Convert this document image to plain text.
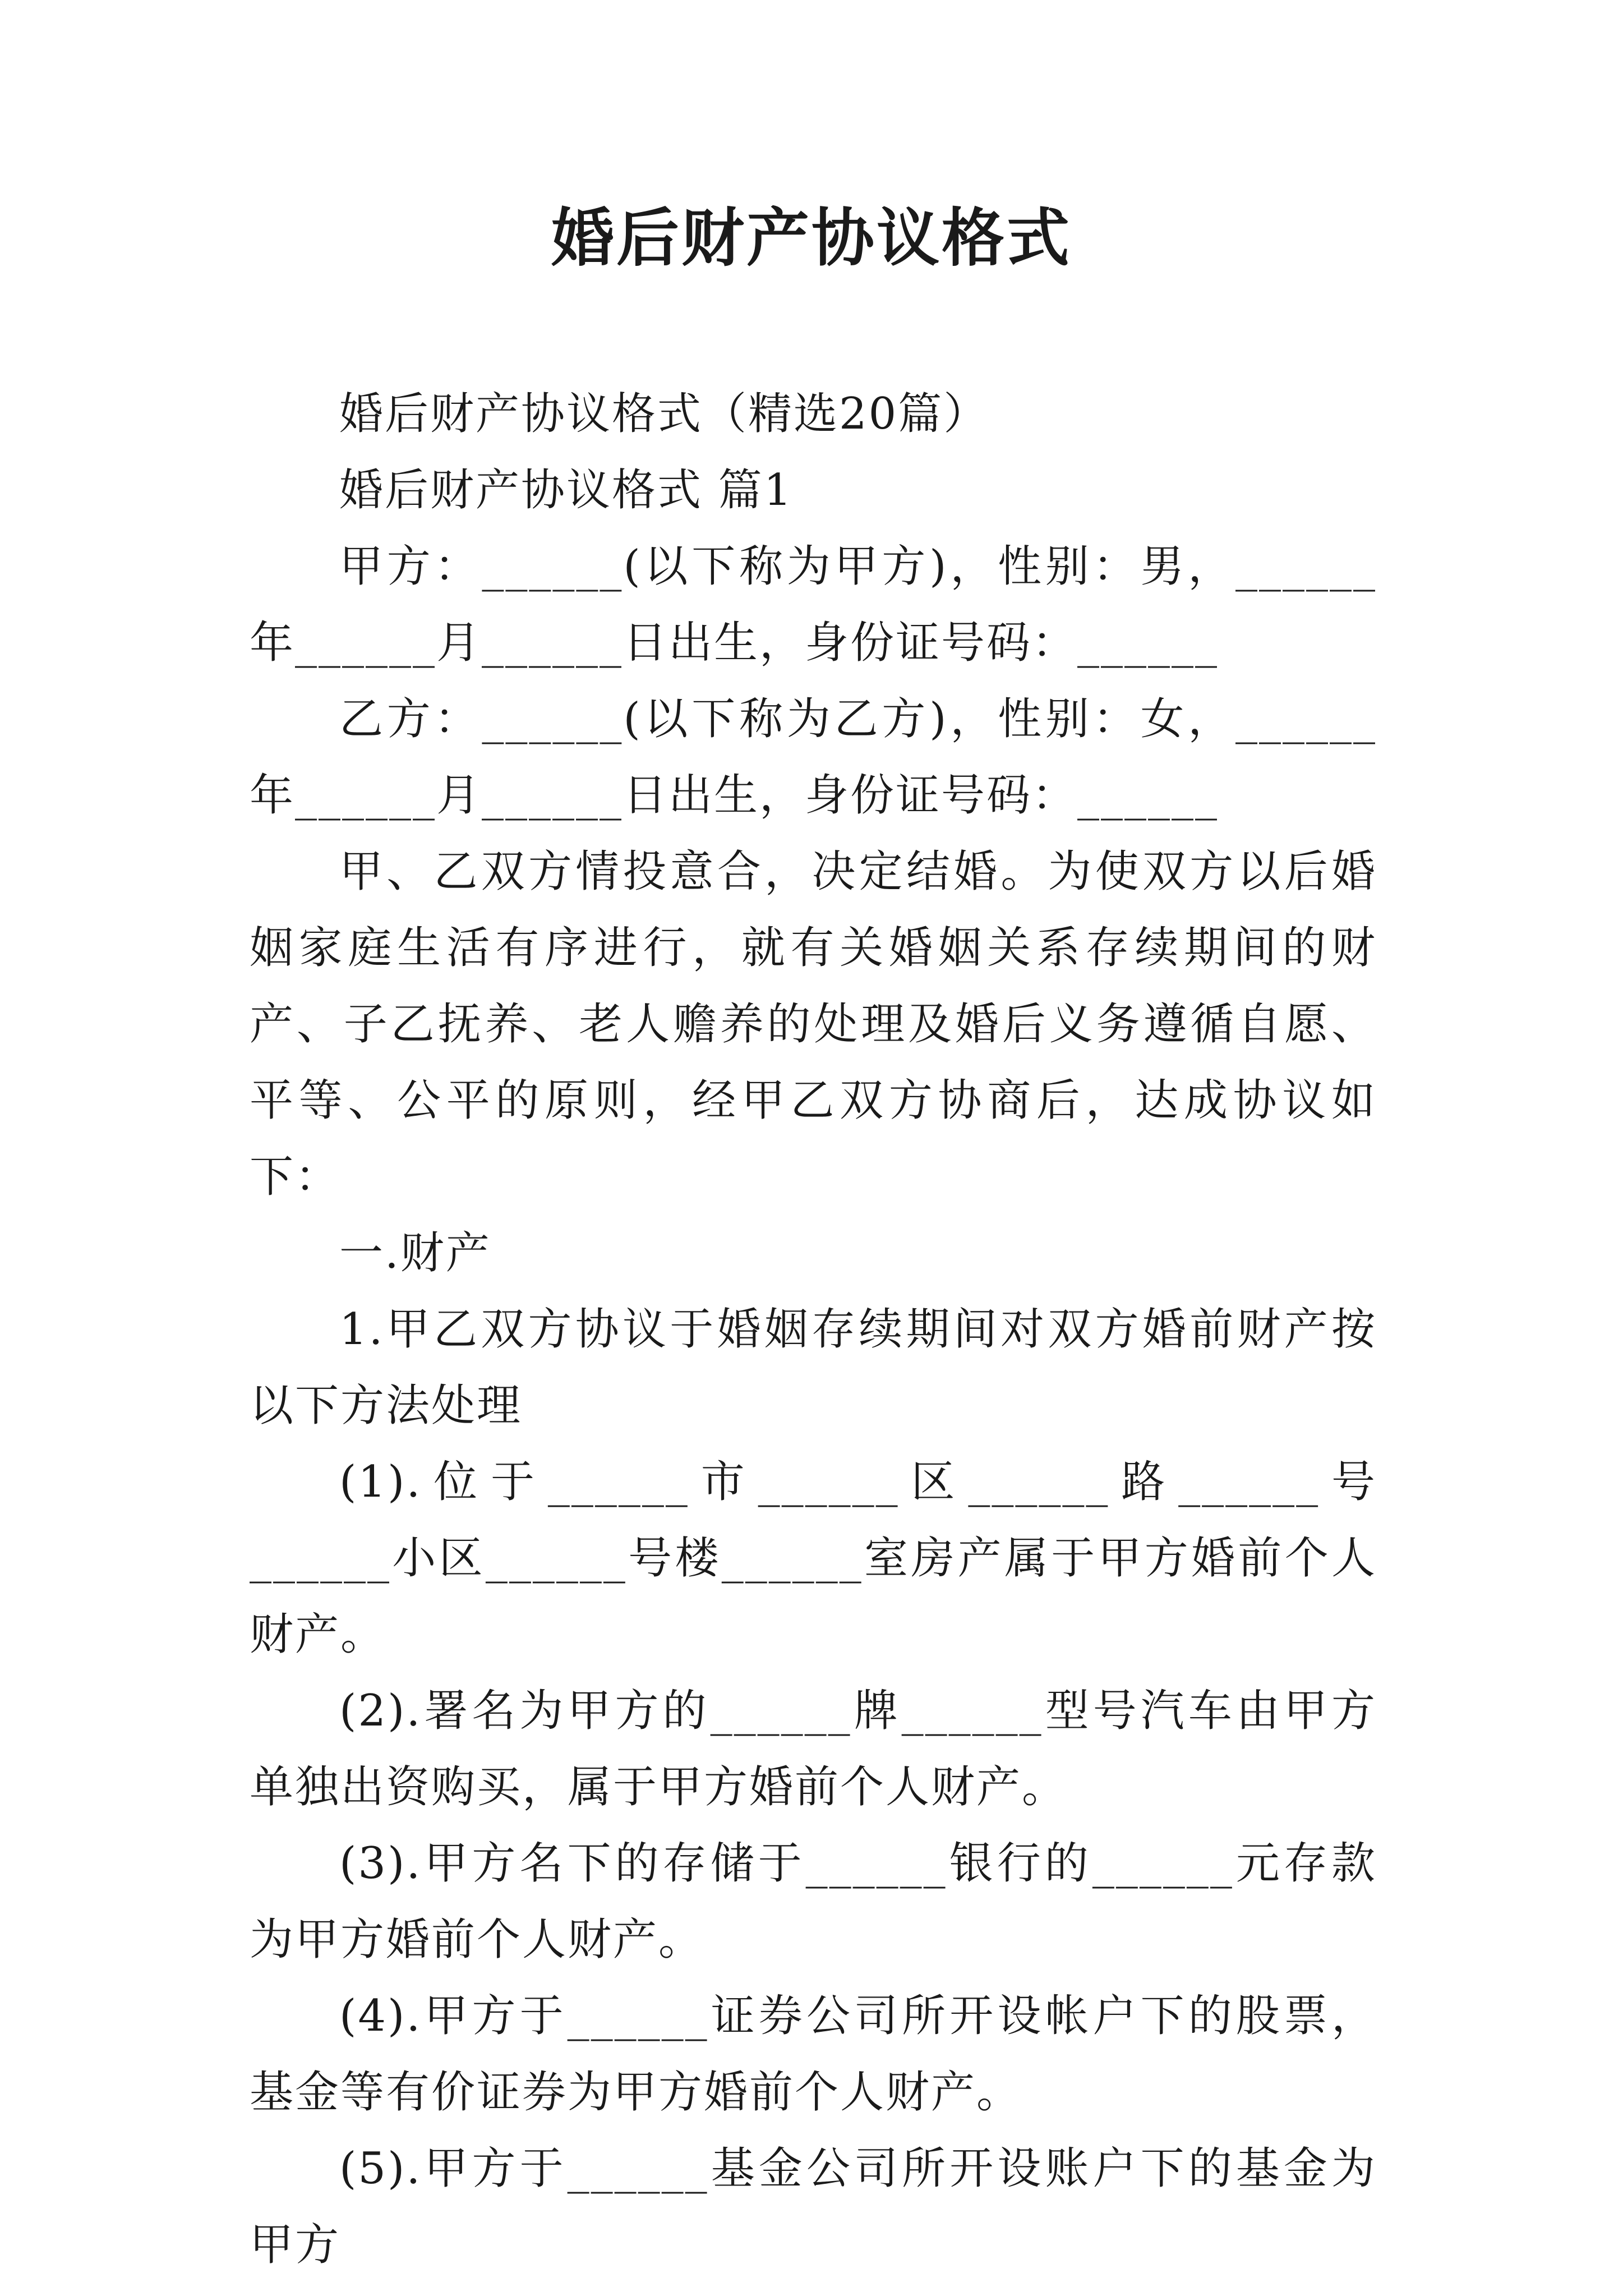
婚后财产协议格式

婚后财产协议格式（精选20篇）

婚后财产协议格式 篇1

甲方：______(以下称为甲方)，性别：男，______年______月______日出生，身份证号码：______

乙方：______(以下称为乙方)，性别：女，______年______月______日出生，身份证号码：______

甲、乙双方情投意合，决定结婚。为使双方以后婚姻家庭生活有序进行，就有关婚姻关系存续期间的财产、子乙抚养、老人赡养的处理及婚后义务遵循自愿、平等、公平的原则，经甲乙双方协商后，达成协议如下：

一.财产

1.甲乙双方协议于婚姻存续期间对双方婚前财产按以下方法处理

(1).位于______市______区______路______号______小区______号楼______室房产属于甲方婚前个人财产。

(2).署名为甲方的______牌______型号汽车由甲方单独出资购买，属于甲方婚前个人财产。

(3).甲方名下的存储于______银行的______元存款为甲方婚前个人财产。

(4).甲方于______证券公司所开设帐户下的股票，基金等有价证券为甲方婚前个人财产。

(5).甲方于______基金公司所开设账户下的基金为甲方
